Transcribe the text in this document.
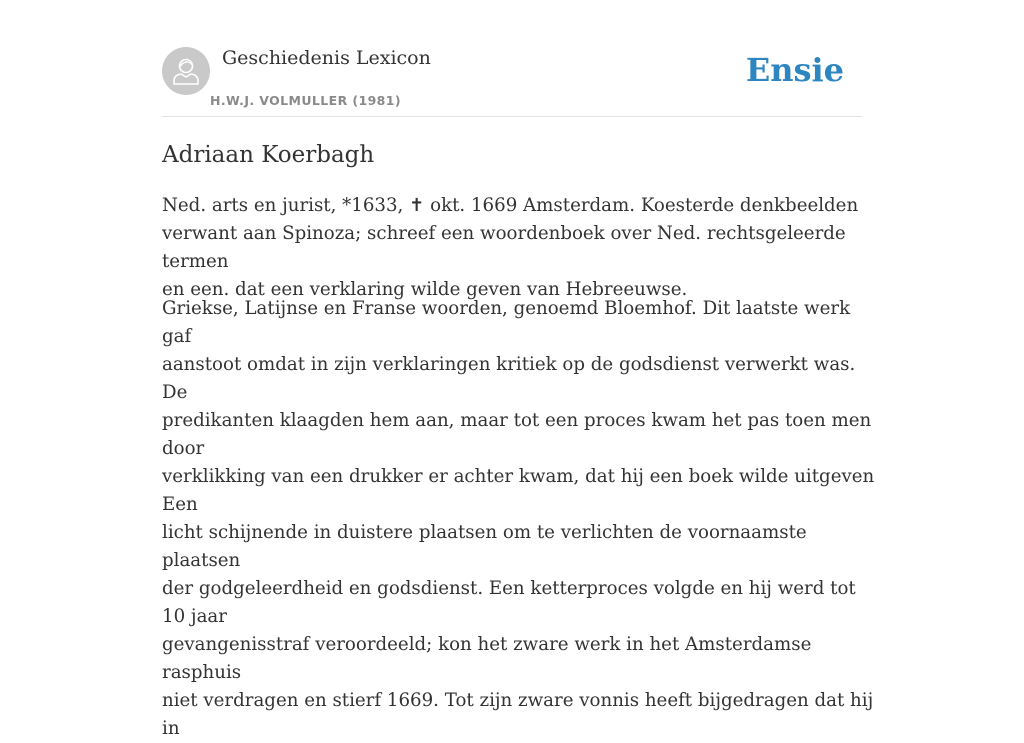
Geschiedenis Lexicon
H.W.J. VOLMULLER (1981)
Ensie
Adriaan Koerbagh

Ned. arts en jurist, *1633, ✝ okt. 1669 Amsterdam. Koesterde denkbeelden
verwant aan Spinoza; schreef een woordenboek over Ned. rechtsgeleerde termen
en een. dat een verklaring wilde geven van Hebreeuwse.

Griekse, Latijnse en Franse woorden, genoemd Bloemhof. Dit laatste werk gaf
aanstoot omdat in zijn verklaringen kritiek op de godsdienst verwerkt was. De
predikanten klaagden hem aan, maar tot een proces kwam het pas toen men door
verklikking van een drukker er achter kwam, dat hij een boek wilde uitgeven Een
licht schijnende in duistere plaatsen om te verlichten de voornaamste plaatsen
der godgeleerdheid en godsdienst. Een ketterproces volgde en hij werd tot 10 jaar
gevangenisstraf veroordeeld; kon het zware werk in het Amsterdamse rasphuis
niet verdragen en stierf 1669. Tot zijn zware vonnis heeft bijgedragen dat hij in
